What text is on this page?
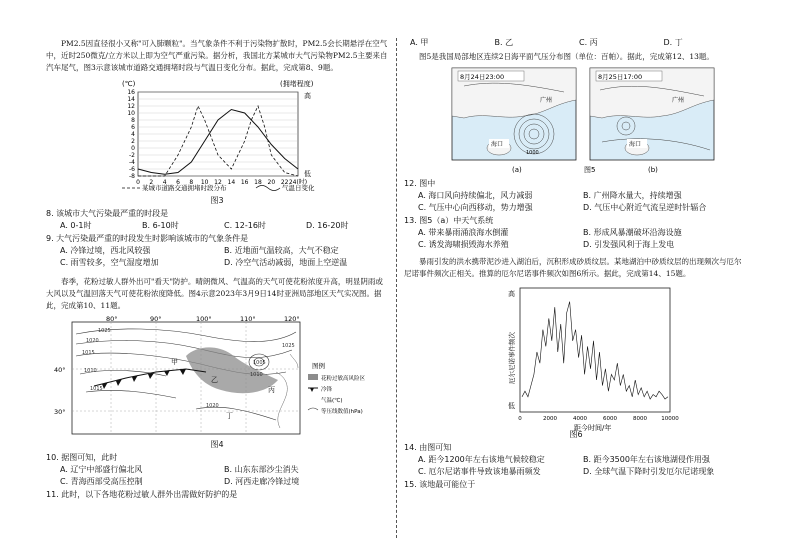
PM2.5因直径很小又称"可入肺颗粒"。当气象条件不利于污染物扩散时，PM2.5会长期悬浮在空气中，近时250微克/立方米以上即为空气严重污染。据分析，我国北方某城市大气污染物PM2.5主要来自汽车尾气，图3示意该城市道路交通拥堵时段与气温日变化分布。据此，完成第8、9题。

(℃)	(拥堵程度)
高
低
16
14
12
10
8
6
4
2
0
-2
-4
-6
-8
0 2 4 6 8 10 12 14 16 18 20 22 24(时)
某城市道路交通拥堵时段分布	气温日变化
图3

8. 该城市大气污染最严重的时段是

A. 0-1时	B. 6-10时	C. 12-16时	D. 16-20时

9. 大气污染最严重的时段发生时影响该城市的气象条件是

A. 冷锋过境，西北风较强	B. 近地面气温较高，大气不稳定
C. 雨雪较多，空气湿度增加	D. 冷空气活动减弱，地面上空逆温

春季，花粉过敏人群外出可"看天"防护。晴朗微风、气温高的天气可使花粉浓度升高，明显阴雨或大风以及气温回落天气可使花粉浓度降低。图4示意2023年3月9日14时亚洲局部地区天气实况图。据此，完成第10、11题。

80°	90°	100°	110°	120°
40°
30°
1025
1020
1015
1010
1015
1020
1025
1005
1010
甲
乙
丙
丁
图例
花粉过敏高风险区
冷锋
气温(℃)
等压线数值(hPa)
图4

10. 据图可知，此时

A. 辽宁中部盛行偏北风	B. 山东东部沙尘消失
C. 青海西部受高压控制	D. 河西走廊冷锋过境

11. 此时，以下各地花粉过敏人群外出需做好防护的是

A. 甲	B. 乙	C. 丙	D. 丁

图5是我国局部地区连续2日海平面气压分布图（单位：百帕）。据此，完成第12、13题。

8月24日23:00
广州
海口
1000
(a)	图5
8月25日17:00
广州
海口
(b)

12. 图中

A. 海口风向持续偏北，风力减弱	B. 广州降水量大，持续增强
C. 气压中心向西移动，势力增强	D. 气压中心附近气流呈逆时针辐合

13. 图5（a）中天气系统

A. 带来暴雨涌浪海水倒灌	B. 形成风暴潮破坏沿海设施
C. 诱发海啸损毁海水养殖	D. 引发强风利于海上发电

暴雨引发的洪水携带泥沙进入湖泊后，沉积形成砂质纹层。某地湖泊中砂质纹层的出现频次与厄尔尼诺事件频次正相关。推算的厄尔尼诺事件频次如图6所示。据此，完成第14、15题。

高
低
厄尔尼诺事件频次
0	2000	4000	6000	8000	10000
距今时间/年
图6

14. 由图可知

A. 距今1200年左右该地气候较稳定	B. 距今3500年左右该地湖侵作用强
C. 厄尔尼诺事件导致该地暴雨频发	D. 全球气温下降时引发厄尔尼诺现象

15. 该地最可能位于
